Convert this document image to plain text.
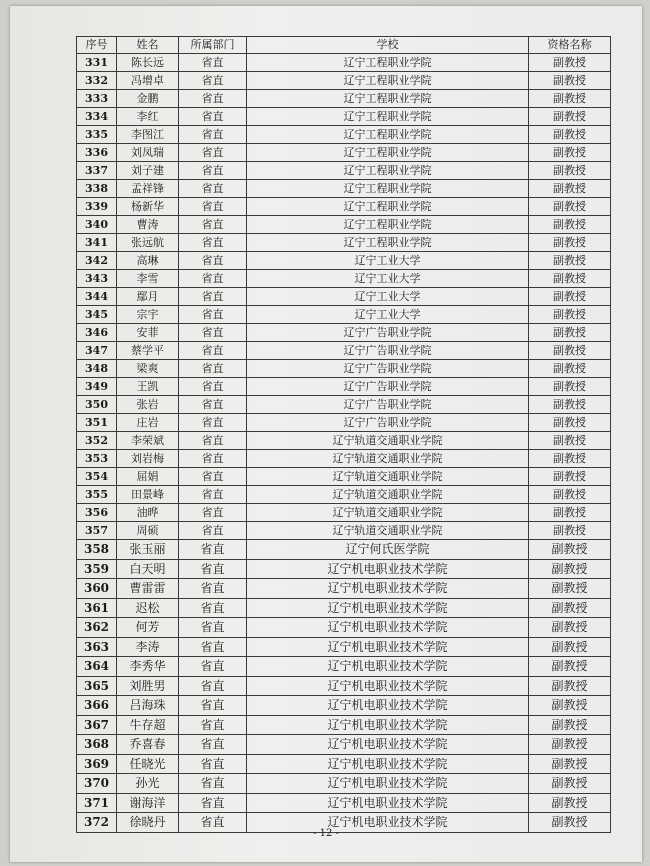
序号	姓名	所属部门	学校	资格名称
331	陈长远	省直	辽宁工程职业学院	副教授
332	冯增卓	省直	辽宁工程职业学院	副教授
333	金鹏	省直	辽宁工程职业学院	副教授
334	李红	省直	辽宁工程职业学院	副教授
335	李图江	省直	辽宁工程职业学院	副教授
336	刘凤瑞	省直	辽宁工程职业学院	副教授
337	刘子建	省直	辽宁工程职业学院	副教授
338	孟祥锋	省直	辽宁工程职业学院	副教授
339	杨新华	省直	辽宁工程职业学院	副教授
340	曹涛	省直	辽宁工程职业学院	副教授
341	张远航	省直	辽宁工程职业学院	副教授
342	高琳	省直	辽宁工业大学	副教授
343	李雪	省直	辽宁工业大学	副教授
344	鄢月	省直	辽宁工业大学	副教授
345	宗宇	省直	辽宁工业大学	副教授
346	安菲	省直	辽宁广告职业学院	副教授
347	蔡学平	省直	辽宁广告职业学院	副教授
348	梁爽	省直	辽宁广告职业学院	副教授
349	王凯	省直	辽宁广告职业学院	副教授
350	张岩	省直	辽宁广告职业学院	副教授
351	庄岩	省直	辽宁广告职业学院	副教授
352	李荣斌	省直	辽宁轨道交通职业学院	副教授
353	刘岩梅	省直	辽宁轨道交通职业学院	副教授
354	屈娟	省直	辽宁轨道交通职业学院	副教授
355	田景峰	省直	辽宁轨道交通职业学院	副教授
356	油晔	省直	辽宁轨道交通职业学院	副教授
357	周硕	省直	辽宁轨道交通职业学院	副教授
358	张玉丽	省直	辽宁何氏医学院	副教授
359	白天明	省直	辽宁机电职业技术学院	副教授
360	曹雷雷	省直	辽宁机电职业技术学院	副教授
361	迟松	省直	辽宁机电职业技术学院	副教授
362	何芳	省直	辽宁机电职业技术学院	副教授
363	李涛	省直	辽宁机电职业技术学院	副教授
364	李秀华	省直	辽宁机电职业技术学院	副教授
365	刘胜男	省直	辽宁机电职业技术学院	副教授
366	吕海珠	省直	辽宁机电职业技术学院	副教授
367	牛存超	省直	辽宁机电职业技术学院	副教授
368	乔喜春	省直	辽宁机电职业技术学院	副教授
369	任晓光	省直	辽宁机电职业技术学院	副教授
370	孙光	省直	辽宁机电职业技术学院	副教授
371	谢海洋	省直	辽宁机电职业技术学院	副教授
372	徐晓丹	省直	辽宁机电职业技术学院	副教授
- 12 -
